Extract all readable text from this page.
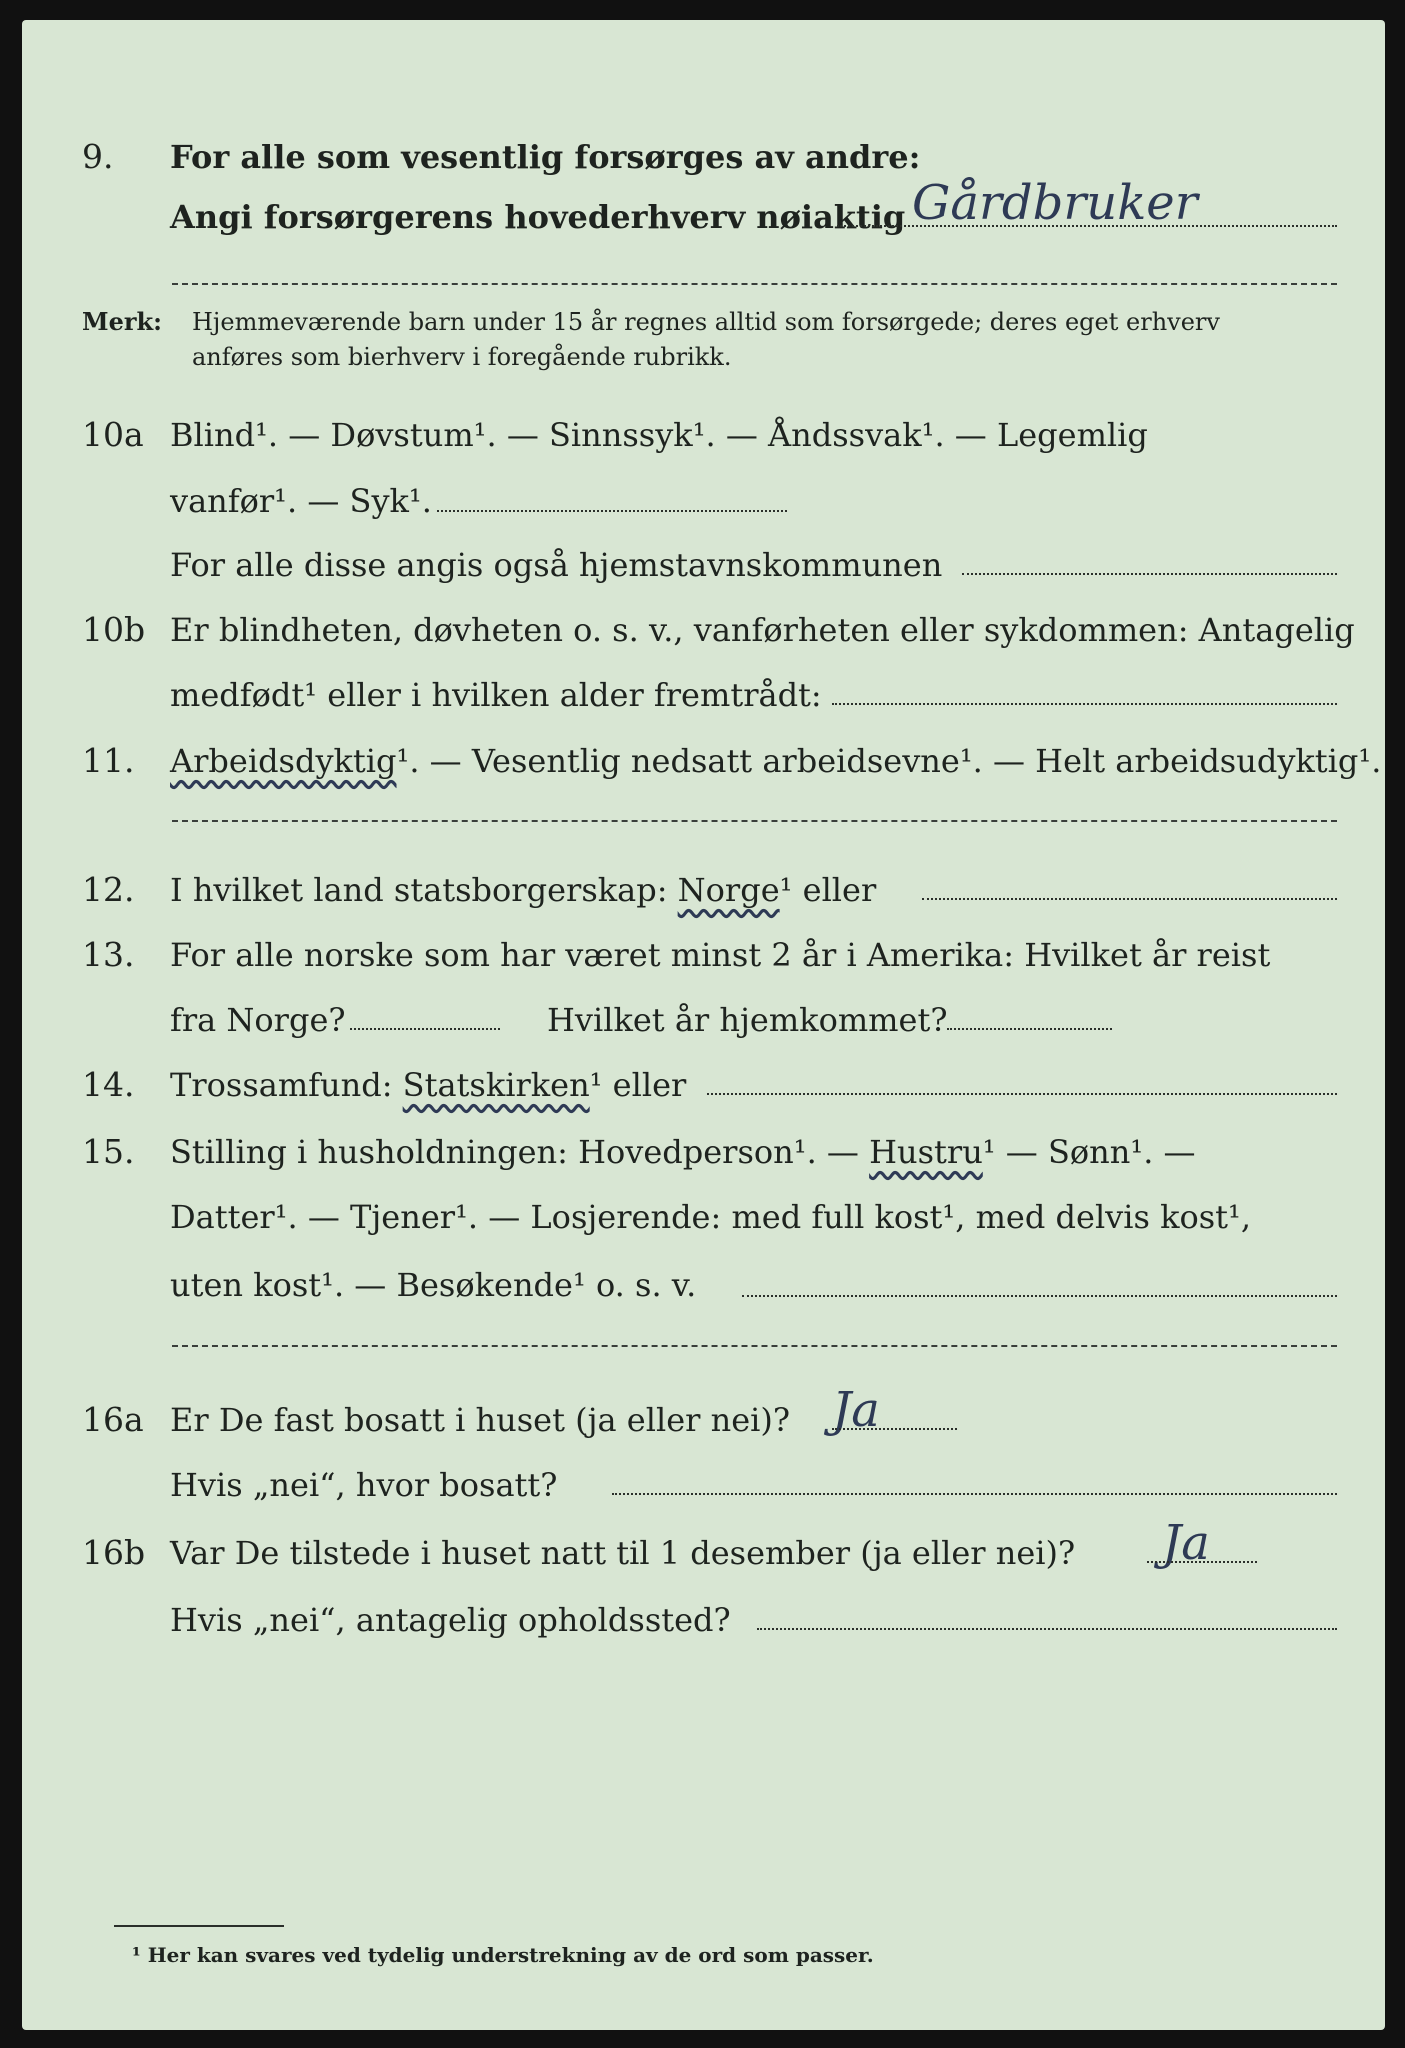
9. For alle som vesentlig forsørges av andre:
Angi forsørgerens hovederhverv nøiaktig Gårdbruker
Merk: Hjemmeværende barn under 15 år regnes alltid som forsørgede; deres eget erhverv
anføres som bierhverv i foregående rubrikk.
10a Blind¹. — Døvstum¹. — Sinnssyk¹. — Åndssvak¹. — Legemlig
vanfør¹. — Syk¹.
For alle disse angis også hjemstavnskommunen
10b Er blindheten, døvheten o. s. v., vanførheten eller sykdommen: Antagelig
medfødt¹ eller i hvilken alder fremtrådt:
11. Arbeidsdyktig¹. — Vesentlig nedsatt arbeidsevne¹. — Helt arbeidsudyktig¹.
12. I hvilket land statsborgerskap: Norge¹ eller
13. For alle norske som har været minst 2 år i Amerika: Hvilket år reist
fra Norge?	Hvilket år hjemkommet?
14. Trossamfund: Statskirken¹ eller
15. Stilling i husholdningen: Hovedperson¹. — Hustru¹ — Sønn¹. —
Datter¹. — Tjener¹. — Losjerende: med full kost¹, med delvis kost¹,
uten kost¹. — Besøkende¹ o. s. v.
16a Er De fast bosatt i huset (ja eller nei)? Ja
Hvis „nei“, hvor bosatt?
16b Var De tilstede i huset natt til 1 desember (ja eller nei)? Ja
Hvis „nei“, antagelig opholdssted?
¹ Her kan svares ved tydelig understrekning av de ord som passer.
